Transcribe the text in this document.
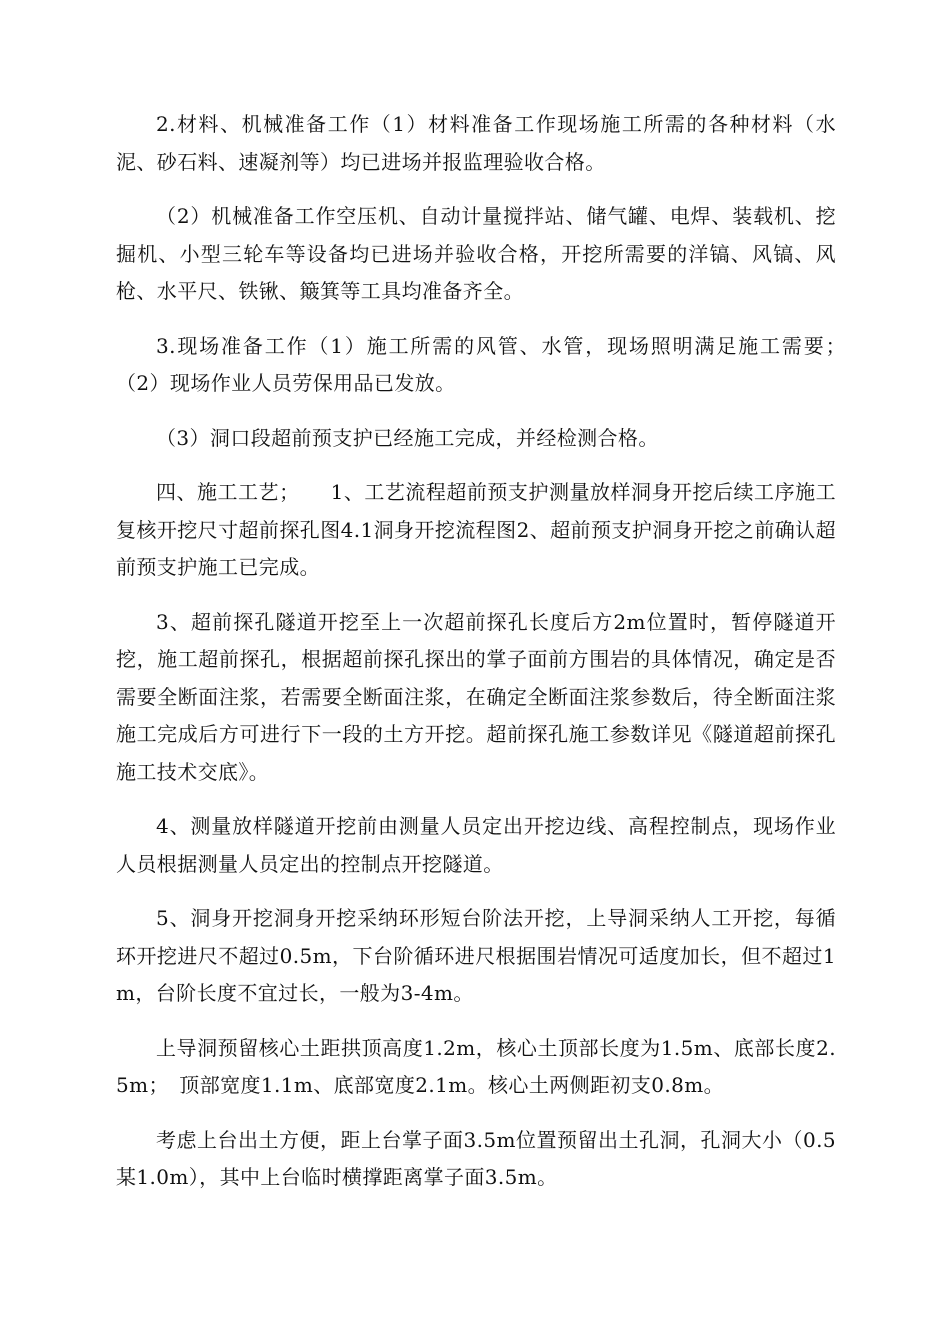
2.材料、机械准备工作（1）材料准备工作现场施工所需的各种材料（水泥、砂石料、速凝剂等）均已进场并报监理验收合格。

（2）机械准备工作空压机、自动计量搅拌站、储气罐、电焊、装载机、挖掘机、小型三轮车等设备均已进场并验收合格，开挖所需要的洋镐、风镐、风枪、水平尺、铁锹、簸箕等工具均准备齐全。

3.现场准备工作（1）施工所需的风管、水管，现场照明满足施工需要；　　（2）现场作业人员劳保用品已发放。

（3）洞口段超前预支护已经施工完成，并经检测合格。

四、施工工艺；　　1、工艺流程超前预支护测量放样洞身开挖后续工序施工复核开挖尺寸超前探孔图4.1洞身开挖流程图2、超前预支护洞身开挖之前确认超前预支护施工已完成。

3、超前探孔隧道开挖至上一次超前探孔长度后方2m位置时，暂停隧道开挖，施工超前探孔，根据超前探孔探出的掌子面前方围岩的具体情况，确定是否需要全断面注浆，若需要全断面注浆，在确定全断面注浆参数后，待全断面注浆施工完成后方可进行下一段的土方开挖。超前探孔施工参数详见《隧道超前探孔施工技术交底》。

4、测量放样隧道开挖前由测量人员定出开挖边线、高程控制点，现场作业人员根据测量人员定出的控制点开挖隧道。

5、洞身开挖洞身开挖采纳环形短台阶法开挖，上导洞采纳人工开挖，每循环开挖进尺不超过0.5m，下台阶循环进尺根据围岩情况可适度加长，但不超过1m，台阶长度不宜过长，一般为3-4m。

上导洞预留核心土距拱顶高度1.2m，核心土顶部长度为1.5m、底部长度2.5m；　顶部宽度1.1m、底部宽度2.1m。核心土两侧距初支0.8m。

考虑上台出土方便，距上台掌子面3.5m位置预留出土孔洞，孔洞大小（0.5某1.0m），其中上台临时横撑距离掌子面3.5m。
